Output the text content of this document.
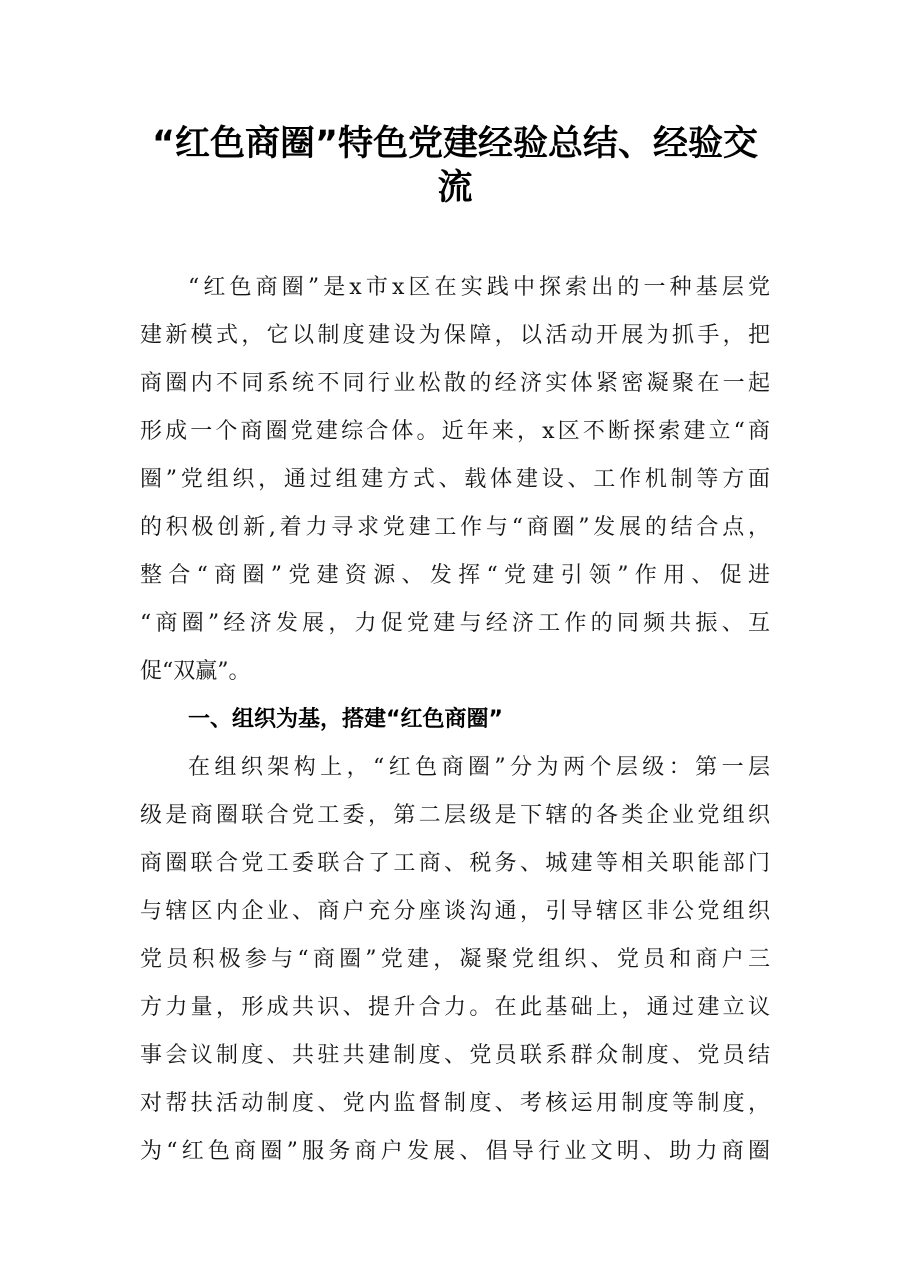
“红色商圈”特色党建经验总结、经验交
流

“红色商圈”是x市x区在实践中探索出的一种基层党

建新模式，它以制度建设为保障，以活动开展为抓手，把

商圈内不同系统不同行业松散的经济实体紧密凝聚在一起

形成一个商圈党建综合体。近年来，x区不断探索建立“商

圈”党组织，通过组建方式、载体建设、工作机制等方面

的积极创新,着力寻求党建工作与“商圈”发展的结合点，

整合“商圈”党建资源、发挥“党建引领”作用、促进

“商圈”经济发展，力促党建与经济工作的同频共振、互

促“双赢”。

一、组织为基，搭建“红色商圈”

在组织架构上，“红色商圈”分为两个层级：第一层

级是商圈联合党工委，第二层级是下辖的各类企业党组织

商圈联合党工委联合了工商、税务、城建等相关职能部门

与辖区内企业、商户充分座谈沟通，引导辖区非公党组织

党员积极参与“商圈”党建，凝聚党组织、党员和商户三

方力量，形成共识、提升合力。在此基础上，通过建立议

事会议制度、共驻共建制度、党员联系群众制度、党员结

对帮扶活动制度、党内监督制度、考核运用制度等制度，

为“红色商圈”服务商户发展、倡导行业文明、助力商圈
